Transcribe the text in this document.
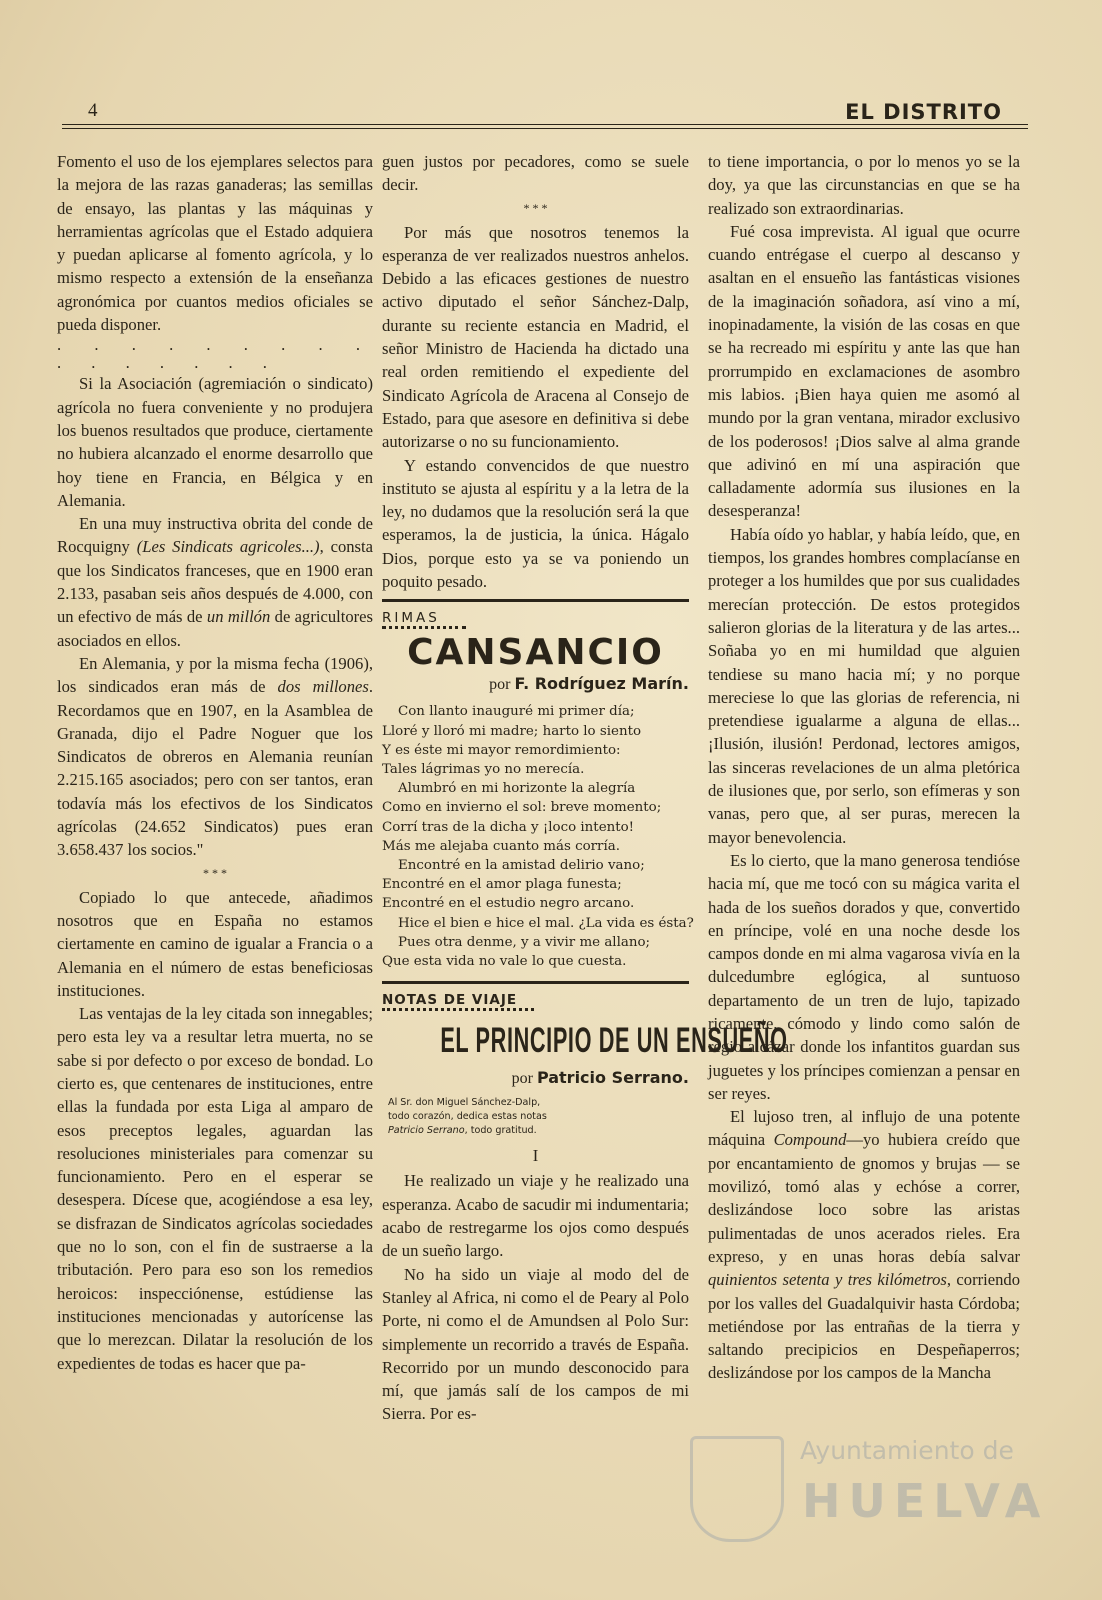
4	EL DISTRITO

Fomento el uso de los ejemplares selectos para la mejora de las razas ganaderas; las semillas de ensayo, las plantas y las máquinas y herramientas agrícolas que el Estado adquiera y puedan aplicarse al fomento agrícola, y lo mismo respecto a extensión de la enseñanza agronómica por cuantos medios oficiales se pueda disponer.

. . . . . . . . . . . . . . . .

Si la Asociación (agremiación o sindicato) agrícola no fuera conveniente y no produjera los buenos resultados que produce, ciertamente no hubiera alcanzado el enorme desarrollo que hoy tiene en Francia, en Bélgica y en Alemania.

En una muy instructiva obrita del conde de Rocquigny (Les Sindicats agricoles...), consta que los Sindicatos franceses, que en 1900 eran 2.133, pasaban seis años después de 4.000, con un efectivo de más de un millón de agricultores asociados en ellos.

En Alemania, y por la misma fecha (1906), los sindicados eran más de dos millones. Recordamos que en 1907, en la Asamblea de Granada, dijo el Padre Noguer que los Sindicatos de obreros en Alemania reunían 2.215.165 asociados; pero con ser tantos, eran todavía más los efectivos de los Sindicatos agrícolas (24.652 Sindicatos) pues eran 3.658.437 los socios."

* * *

Copiado lo que antecede, añadimos nosotros que en España no estamos ciertamente en camino de igualar a Francia o a Alemania en el número de estas beneficiosas instituciones.

Las ventajas de la ley citada son innegables; pero esta ley va a resultar letra muerta, no se sabe si por defecto o por exceso de bondad. Lo cierto es, que centenares de instituciones, entre ellas la fundada por esta Liga al amparo de esos preceptos legales, aguardan las resoluciones ministeriales para comenzar su funcionamiento. Pero en el esperar se desespera. Dícese que, acogiéndose a esa ley, se disfrazan de Sindicatos agrícolas sociedades que no lo son, con el fin de sustraerse a la tributación. Pero para eso son los remedios heroicos: inspecciónense, estúdiense las instituciones mencionadas y autorícense las que lo merezcan. Dilatar la resolución de los expedientes de todas es hacer que pa-

guen justos por pecadores, como se suele decir.

* * *

Por más que nosotros tenemos la esperanza de ver realizados nuestros anhelos. Debido a las eficaces gestiones de nuestro activo diputado el señor Sánchez-Dalp, durante su reciente estancia en Madrid, el señor Ministro de Hacienda ha dictado una real orden remitiendo el expediente del Sindicato Agrícola de Aracena al Consejo de Estado, para que asesore en definitiva si debe autorizarse o no su funcionamiento.

Y estando convencidos de que nuestro instituto se ajusta al espíritu y a la letra de la ley, no dudamos que la resolución será la que esperamos, la de justicia, la única. Hágalo Dios, porque esto ya se va poniendo un poquito pesado.

RIMAS
CANSANCIO
por F. Rodríguez Marín.
Con llanto inauguré mi primer día;
Lloré y lloró mi madre; harto lo siento
Y es éste mi mayor remordimiento:
Tales lágrimas yo no merecía.
Alumbró en mi horizonte la alegría
Como en invierno el sol: breve momento;
Corrí tras de la dicha y ¡loco intento!
Más me alejaba cuanto más corría.
Encontré en la amistad delirio vano;
Encontré en el amor plaga funesta;
Encontré en el estudio negro arcano.
Hice el bien e hice el mal. ¿La vida es ésta?
Pues otra denme, y a vivir me allano;
Que esta vida no vale lo que cuesta.
NOTAS DE VIAJE
EL PRINCIPIO DE UN ENSUEÑO
por Patricio Serrano.
Al Sr. don Miguel Sánchez-Dalp, todo corazón, dedica estas notas Patricio Serrano, todo gratitud.
I

He realizado un viaje y he realizado una esperanza. Acabo de sacudir mi indumentaria; acabo de restregarme los ojos como después de un sueño largo.

No ha sido un viaje al modo del de Stanley al Africa, ni como el de Peary al Polo Porte, ni como el de Amundsen al Polo Sur: simplemente un recorrido a través de España. Recorrido por un mundo desconocido para mí, que jamás salí de los campos de mi Sierra. Por es-

to tiene importancia, o por lo menos yo se la doy, ya que las circunstancias en que se ha realizado son extraordinarias.

Fué cosa imprevista. Al igual que ocurre cuando entrégase el cuerpo al descanso y asaltan en el ensueño las fantásticas visiones de la imaginación soñadora, así vino a mí, inopinadamente, la visión de las cosas en que se ha recreado mi espíritu y ante las que han prorrumpido en exclamaciones de asombro mis labios. ¡Bien haya quien me asomó al mundo por la gran ventana, mirador exclusivo de los poderosos! ¡Dios salve al alma grande que adivinó en mí una aspiración que calladamente adormía sus ilusiones en la desesperanza!

Había oído yo hablar, y había leído, que, en tiempos, los grandes hombres complacíanse en proteger a los humildes que por sus cualidades merecían protección. De estos protegidos salieron glorias de la literatura y de las artes... Soñaba yo en mi humildad que alguien tendiese su mano hacia mí; y no porque mereciese lo que las glorias de referencia, ni pretendiese igualarme a alguna de ellas... ¡Ilusión, ilusión! Perdonad, lectores amigos, las sinceras revelaciones de un alma pletórica de ilusiones que, por serlo, son efímeras y son vanas, pero que, al ser puras, merecen la mayor benevolencia.

Es lo cierto, que la mano generosa tendióse hacia mí, que me tocó con su mágica varita el hada de los sueños dorados y que, convertido en príncipe, volé en una noche desde los campos donde en mi alma vagarosa vivía en la dulcedumbre eglógica, al suntuoso departamento de un tren de lujo, tapizado ricamente, cómodo y lindo como salón de regio alcázar donde los infantitos guardan sus juguetes y los príncipes comienzan a pensar en ser reyes.

El lujoso tren, al influjo de una potente máquina Compound—yo hubiera creído que por encantamiento de gnomos y brujas — se movilizó, tomó alas y echóse a correr, deslizándose loco sobre las aristas pulimentadas de unos acerados rieles. Era expreso, y en unas horas debía salvar quinientos setenta y tres kilómetros, corriendo por los valles del Guadalquivir hasta Córdoba; metiéndose por las entrañas de la tierra y saltando precipicios en Despeñaperros; deslizándose por los campos de la Mancha

Ayuntamiento de
HUELVA
